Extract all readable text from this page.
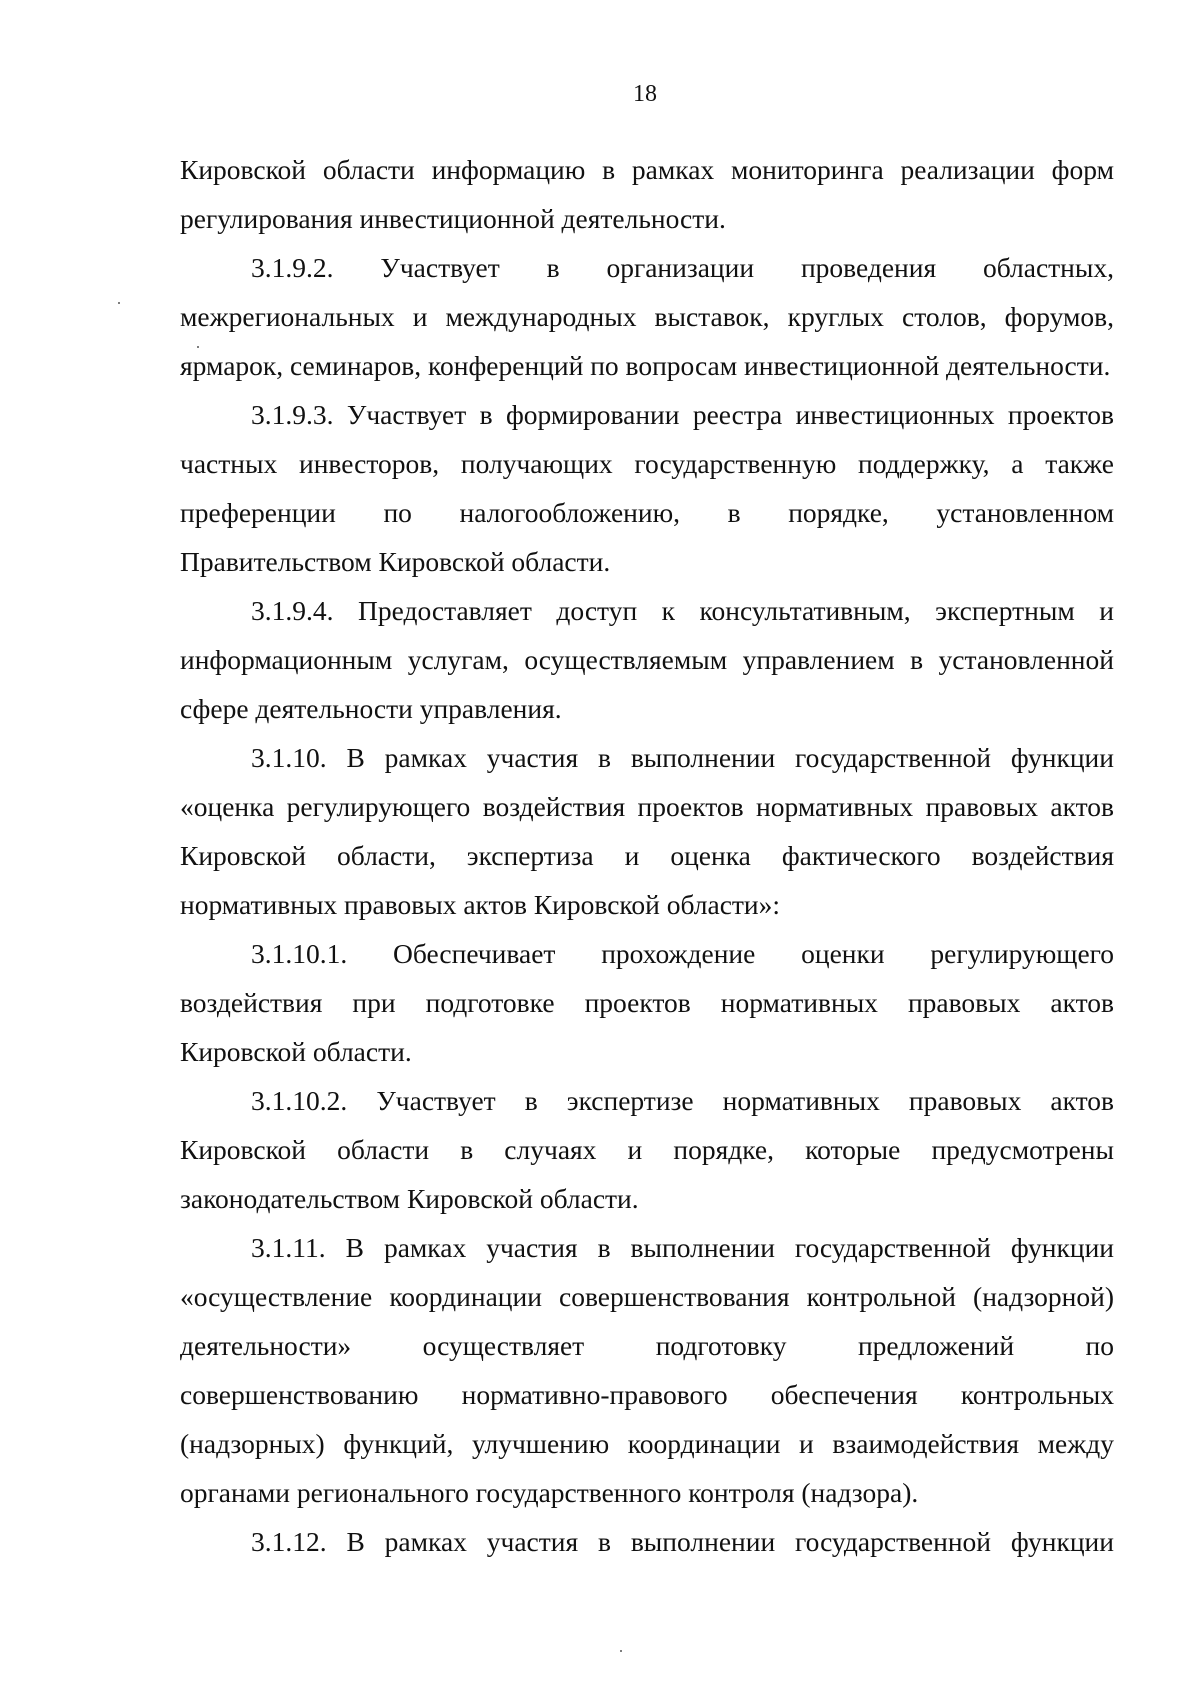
18
Кировской области информацию в рамках мониторинга реализации форм
регулирования инвестиционной деятельности.
3.1.9.2. Участвует в организации проведения областных,
межрегиональных и международных выставок, круглых столов, форумов,
ярмарок, семинаров, конференций по вопросам инвестиционной деятельности.
3.1.9.3. Участвует в формировании реестра инвестиционных проектов
частных инвесторов, получающих государственную поддержку, а также
преференции по налогообложению, в порядке, установленном
Правительством Кировской области.
3.1.9.4. Предоставляет доступ к консультативным, экспертным и
информационным услугам, осуществляемым управлением в установленной
сфере деятельности управления.
3.1.10. В рамках участия в выполнении государственной функции
«оценка регулирующего воздействия проектов нормативных правовых актов
Кировской области, экспертиза и оценка фактического воздействия
нормативных правовых актов Кировской области»:
3.1.10.1. Обеспечивает прохождение оценки регулирующего
воздействия при подготовке проектов нормативных правовых актов
Кировской области.
3.1.10.2. Участвует в экспертизе нормативных правовых актов
Кировской области в случаях и порядке, которые предусмотрены
законодательством Кировской области.
3.1.11. В рамках участия в выполнении государственной функции
«осуществление координации совершенствования контрольной (надзорной)
деятельности» осуществляет подготовку предложений по
совершенствованию нормативно-правового обеспечения контрольных
(надзорных) функций, улучшению координации и взаимодействия между
органами регионального государственного контроля (надзора).
3.1.12. В рамках участия в выполнении государственной функции
